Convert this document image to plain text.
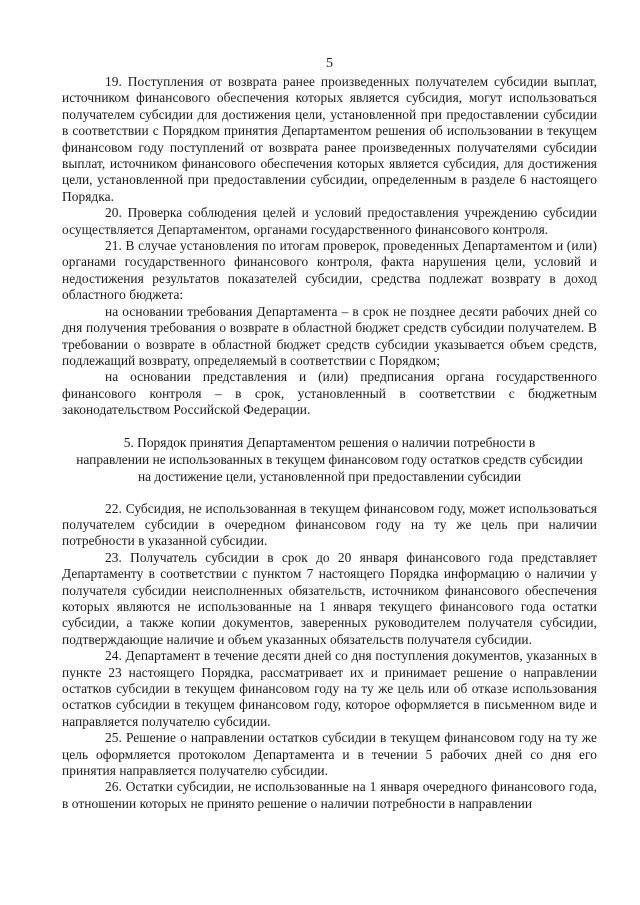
5

19. Поступления от возврата ранее произведенных получателем субсидии выплат, источником финансового обеспечения которых является субсидия, могут использоваться получателем субсидии для достижения цели, установленной при предоставлении субсидии в соответствии с Порядком принятия Департаментом решения об использовании в текущем финансовом году поступлений от возврата ранее произведенных получателями субсидии выплат, источником финансового обеспечения которых является субсидия, для достижения цели, установленной при предоставлении субсидии, определенным в разделе 6 настоящего Порядка.

20. Проверка соблюдения целей и условий предоставления учреждению субсидии осуществляется Департаментом, органами государственного финансового контроля.

21. В случае установления по итогам проверок, проведенных Департаментом и (или) органами государственного финансового контроля, факта нарушения цели, условий и недостижения результатов показателей субсидии, средства подлежат возврату в доход областного бюджета:

на основании требования Департамента – в срок не позднее десяти рабочих дней со дня получения требования о возврате в областной бюджет средств субсидии получателем. В требовании о возврате в областной бюджет средств субсидии указывается объем средств, подлежащий возврату, определяемый в соответствии с Порядком;

на основании представления и (или) предписания органа государственного финансового контроля – в срок, установленный в соответствии с бюджетным законодательством Российской Федерации.

5. Порядок принятия Департаментом решения о наличии потребности в
направлении не использованных в текущем финансовом году остатков средств субсидии
на достижение цели, установленной при предоставлении субсидии

22. Субсидия, не использованная в текущем финансовом году, может использоваться получателем субсидии в очередном финансовом году на ту же цель при наличии потребности в указанной субсидии.

23. Получатель субсидии в срок до 20 января финансового года представляет Департаменту в соответствии с пунктом 7 настоящего Порядка информацию о наличии у получателя субсидии неисполненных обязательств, источником финансового обеспечения которых являются не использованные на 1 января текущего финансового года остатки субсидии, а также копии документов, заверенных руководителем получателя субсидии, подтверждающие наличие и объем указанных обязательств получателя субсидии.

24. Департамент в течение десяти дней со дня поступления документов, указанных в пункте 23 настоящего Порядка, рассматривает их и принимает решение о направлении остатков субсидии в текущем финансовом году на ту же цель или об отказе использования остатков субсидии в текущем финансовом году, которое оформляется в письменном виде и направляется получателю субсидии.

25. Решение о направлении остатков субсидии в текущем финансовом году на ту же цель оформляется протоколом Департамента и в течении 5 рабочих дней со дня его принятия направляется получателю субсидии.

26. Остатки субсидии, не использованные на 1 января очередного финансового года, в отношении которых не принято решение о наличии потребности в направлении
